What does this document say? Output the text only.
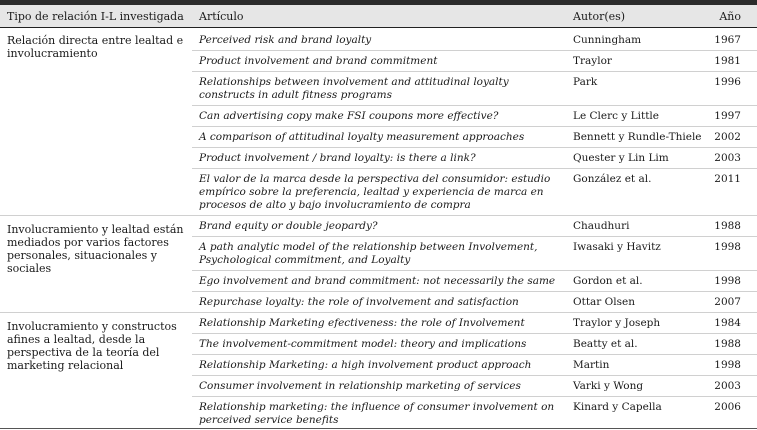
Tipo de relación I-L investigada	Artículo	Autor(es)	Año
Relación directa entre lealtad e involucramiento	Perceived risk and brand loyalty	Cunningham	1967
	Product involvement and brand commitment	Traylor	1981
	Relationships between involvement and attitudinal loyalty constructs in adult fitness programs	Park	1996
	Can advertising copy make FSI coupons more effective?	Le Clerc y Little	1997
	A comparison of attitudinal loyalty measurement approaches	Bennett y Rundle-Thiele	2002
	Product involvement / brand loyalty: is there a link?	Quester y Lin Lim	2003
	El valor de la marca desde la perspectiva del consumidor: estudio empírico sobre la preferencia, lealtad y experiencia de marca en procesos de alto y bajo involucramiento de compra	González et al.	2011
Involucramiento y lealtad están mediados por varios factores personales, situacionales y sociales	Brand equity or double jeopardy?	Chaudhuri	1988
	A path analytic model of the relationship between Involvement, Psychological commitment, and Loyalty	Iwasaki y Havitz	1998
	Ego involvement and brand commitment: not necessarily the same	Gordon et al.	1998
	Repurchase loyalty: the role of involvement and satisfaction	Ottar Olsen	2007
Involucramiento y constructos afines a lealtad, desde la perspectiva de la teoría del marketing relacional	Relationship Marketing efectiveness: the role of Involvement	Traylor y Joseph	1984
	The involvement-commitment model: theory and implications	Beatty et al.	1988
	Relationship Marketing: a high involvement product approach	Martin	1998
	Consumer involvement in relationship marketing of services	Varki y Wong	2003
	Relationship marketing: the influence of consumer involvement on perceived service benefits	Kinard y Capella	2006
